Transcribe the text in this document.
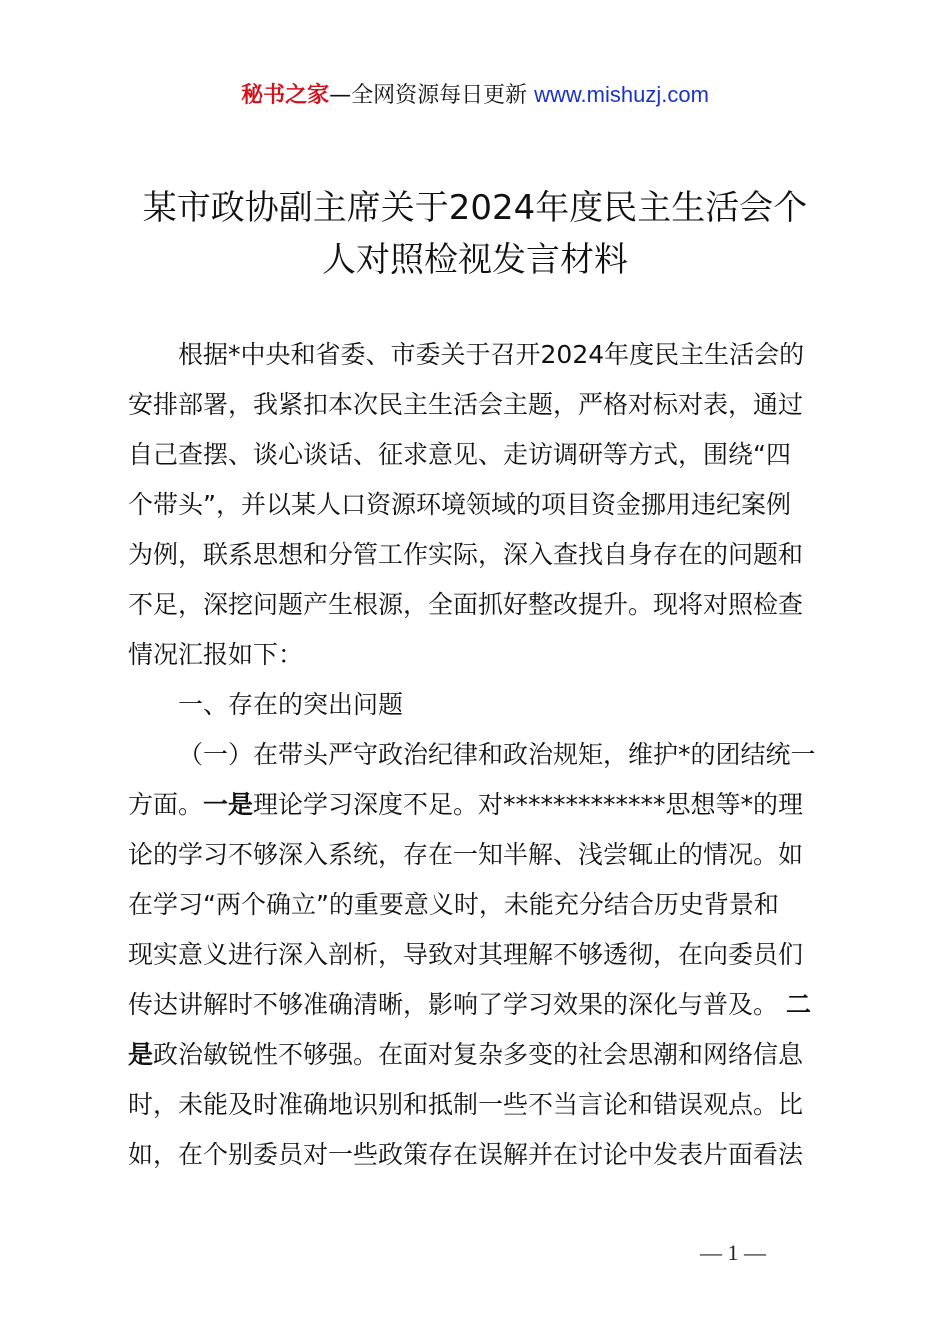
秘书之家—全网资源每日更新 www.mishuzj.com
某市政协副主席关于2024年度民主生活会个
人对照检视发言材料
根据*中央和省委、市委关于召开2024年度民主生活会的
安排部署，我紧扣本次民主生活会主题，严格对标对表，通过
自己查摆、谈心谈话、征求意见、走访调研等方式，围绕“四
个带头”，并以某人口资源环境领域的项目资金挪用违纪案例
为例，联系思想和分管工作实际，深入查找自身存在的问题和
不足，深挖问题产生根源，全面抓好整改提升。现将对照检查
情况汇报如下：
一、存在的突出问题
（一）在带头严守政治纪律和政治规矩，维护*的团结统一
方面。一是理论学习深度不足。对*************思想等*的理
论的学习不够深入系统，存在一知半解、浅尝辄止的情况。如
在学习“两个确立”的重要意义时，未能充分结合历史背景和
现实意义进行深入剖析，导致对其理解不够透彻，在向委员们
传达讲解时不够准确清晰，影响了学习效果的深化与普及。 二
是政治敏锐性不够强。在面对复杂多变的社会思潮和网络信息
时，未能及时准确地识别和抵制一些不当言论和错误观点。比
如，在个别委员对一些政策存在误解并在讨论中发表片面看法
— 1 —
